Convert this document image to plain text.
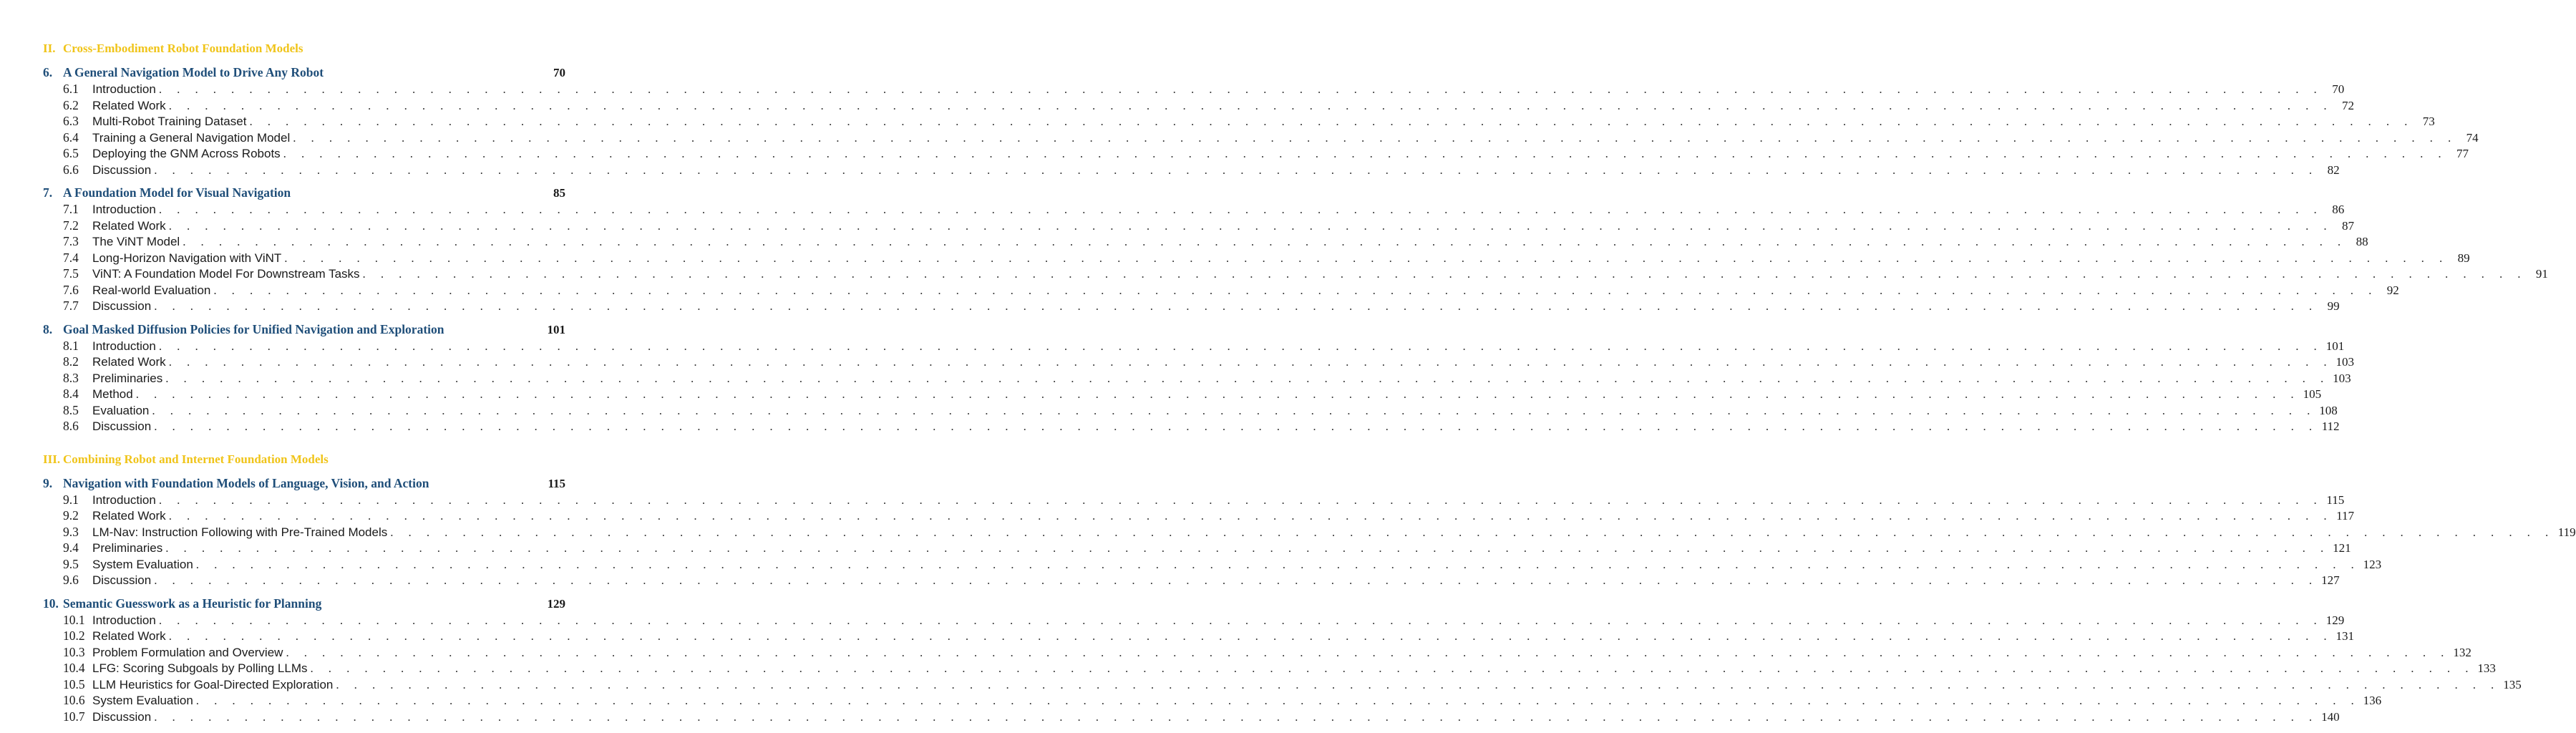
II. Cross-Embodiment Robot Foundation Models
6. A General Navigation Model to Drive Any Robot	70
6.1	Introduction . . . . . . . . . . . . . . . . . . . . . . . . . . . . . . . . . . . . . . . . . . . . . . . . . . . . . . . . . . . . . . . . . . . . . . . . . . . . . . . . . . . . . . . . . . . . . . . . . . . . . . . . . . . . . . . . . . . . . . . . 70
6.2	Related Work . . . . . . . . . . . . . . . . . . . . . . . . . . . . . . . . . . . . . . . . . . . . . . . . . . . . . . . . . . . . . . . . . . . . . . . . . . . . . . . . . . . . . . . . . . . . . . . . . . . . . . . . . . . . . . . . . . . . . . . . 72
6.3	Multi-Robot Training Dataset . . . . . . . . . . . . . . . . . . . . . . . . . . . . . . . . . . . . . . . . . . . . . . . . . . . . . . . . . . . . . . . . . . . . . . . . . . . . . . . . . . . . . . . . . . . . . . . . . . . . . . . . . . . . . . . . . . . . . . . . 73
6.4	Training a General Navigation Model . . . . . . . . . . . . . . . . . . . . . . . . . . . . . . . . . . . . . . . . . . . . . . . . . . . . . . . . . . . . . . . . . . . . . . . . . . . . . . . . . . . . . . . . . . . . . . . . . . . . . . . . . . . . . . . . . . . . . . . . 74
6.5	Deploying the GNM Across Robots . . . . . . . . . . . . . . . . . . . . . . . . . . . . . . . . . . . . . . . . . . . . . . . . . . . . . . . . . . . . . . . . . . . . . . . . . . . . . . . . . . . . . . . . . . . . . . . . . . . . . . . . . . . . . . . . . . . . . . . . 77
6.6	Discussion . . . . . . . . . . . . . . . . . . . . . . . . . . . . . . . . . . . . . . . . . . . . . . . . . . . . . . . . . . . . . . . . . . . . . . . . . . . . . . . . . . . . . . . . . . . . . . . . . . . . . . . . . . . . . . . . . . . . . . . . 82
7. A Foundation Model for Visual Navigation	85
7.1	Introduction . . . . . . . . . . . . . . . . . . . . . . . . . . . . . . . . . . . . . . . . . . . . . . . . . . . . . . . . . . . . . . . . . . . . . . . . . . . . . . . . . . . . . . . . . . . . . . . . . . . . . . . . . . . . . . . . . . . . . . . . 86
7.2	Related Work . . . . . . . . . . . . . . . . . . . . . . . . . . . . . . . . . . . . . . . . . . . . . . . . . . . . . . . . . . . . . . . . . . . . . . . . . . . . . . . . . . . . . . . . . . . . . . . . . . . . . . . . . . . . . . . . . . . . . . . . 87
7.3	The ViNT Model . . . . . . . . . . . . . . . . . . . . . . . . . . . . . . . . . . . . . . . . . . . . . . . . . . . . . . . . . . . . . . . . . . . . . . . . . . . . . . . . . . . . . . . . . . . . . . . . . . . . . . . . . . . . . . . . . . . . . . . . 88
7.4	Long-Horizon Navigation with ViNT . . . . . . . . . . . . . . . . . . . . . . . . . . . . . . . . . . . . . . . . . . . . . . . . . . . . . . . . . . . . . . . . . . . . . . . . . . . . . . . . . . . . . . . . . . . . . . . . . . . . . . . . . . . . . . . . . . . . . . . . 89
7.5	ViNT: A Foundation Model For Downstream Tasks . . . . . . . . . . . . . . . . . . . . . . . . . . . . . . . . . . . . . . . . . . . . . . . . . . . . . . . . . . . . . . . . . . . . . . . . . . . . . . . . . . . . . . . . . . . . . . . . . . . . . . . . . . . . . . . . . . . . . . . . 91
7.6	Real-world Evaluation . . . . . . . . . . . . . . . . . . . . . . . . . . . . . . . . . . . . . . . . . . . . . . . . . . . . . . . . . . . . . . . . . . . . . . . . . . . . . . . . . . . . . . . . . . . . . . . . . . . . . . . . . . . . . . . . . . . . . . . . 92
7.7	Discussion . . . . . . . . . . . . . . . . . . . . . . . . . . . . . . . . . . . . . . . . . . . . . . . . . . . . . . . . . . . . . . . . . . . . . . . . . . . . . . . . . . . . . . . . . . . . . . . . . . . . . . . . . . . . . . . . . . . . . . . . 99
8. Goal Masked Diffusion Policies for Unified Navigation and Exploration	101
8.1	Introduction . . . . . . . . . . . . . . . . . . . . . . . . . . . . . . . . . . . . . . . . . . . . . . . . . . . . . . . . . . . . . . . . . . . . . . . . . . . . . . . . . . . . . . . . . . . . . . . . . . . . . . . . . . . . . . . . . . . . . . . . 101
8.2	Related Work . . . . . . . . . . . . . . . . . . . . . . . . . . . . . . . . . . . . . . . . . . . . . . . . . . . . . . . . . . . . . . . . . . . . . . . . . . . . . . . . . . . . . . . . . . . . . . . . . . . . . . . . . . . . . . . . . . . . . . . . 103
8.3	Preliminaries . . . . . . . . . . . . . . . . . . . . . . . . . . . . . . . . . . . . . . . . . . . . . . . . . . . . . . . . . . . . . . . . . . . . . . . . . . . . . . . . . . . . . . . . . . . . . . . . . . . . . . . . . . . . . . . . . . . . . . . . 103
8.4	Method . . . . . . . . . . . . . . . . . . . . . . . . . . . . . . . . . . . . . . . . . . . . . . . . . . . . . . . . . . . . . . . . . . . . . . . . . . . . . . . . . . . . . . . . . . . . . . . . . . . . . . . . . . . . . . . . . . . . . . . . 105
8.5	Evaluation . . . . . . . . . . . . . . . . . . . . . . . . . . . . . . . . . . . . . . . . . . . . . . . . . . . . . . . . . . . . . . . . . . . . . . . . . . . . . . . . . . . . . . . . . . . . . . . . . . . . . . . . . . . . . . . . . . . . . . . . 108
8.6	Discussion . . . . . . . . . . . . . . . . . . . . . . . . . . . . . . . . . . . . . . . . . . . . . . . . . . . . . . . . . . . . . . . . . . . . . . . . . . . . . . . . . . . . . . . . . . . . . . . . . . . . . . . . . . . . . . . . . . . . . . . . 112
III. Combining Robot and Internet Foundation Models
9. Navigation with Foundation Models of Language, Vision, and Action	115
9.1	Introduction . . . . . . . . . . . . . . . . . . . . . . . . . . . . . . . . . . . . . . . . . . . . . . . . . . . . . . . . . . . . . . . . . . . . . . . . . . . . . . . . . . . . . . . . . . . . . . . . . . . . . . . . . . . . . . . . . . . . . . . . 115
9.2	Related Work . . . . . . . . . . . . . . . . . . . . . . . . . . . . . . . . . . . . . . . . . . . . . . . . . . . . . . . . . . . . . . . . . . . . . . . . . . . . . . . . . . . . . . . . . . . . . . . . . . . . . . . . . . . . . . . . . . . . . . . . 117
9.3	LM-Nav: Instruction Following with Pre-Trained Models . . . . . . . . . . . . . . . . . . . . . . . . . . . . . . . . . . . . . . . . . . . . . . . . . . . . . . . . . . . . . . . . . . . . . . . . . . . . . . . . . . . . . . . . . . . . . . . . . . . . . . . . . . . . . . . . . . . . . . . . 119
9.4	Preliminaries . . . . . . . . . . . . . . . . . . . . . . . . . . . . . . . . . . . . . . . . . . . . . . . . . . . . . . . . . . . . . . . . . . . . . . . . . . . . . . . . . . . . . . . . . . . . . . . . . . . . . . . . . . . . . . . . . . . . . . . . 121
9.5	System Evaluation . . . . . . . . . . . . . . . . . . . . . . . . . . . . . . . . . . . . . . . . . . . . . . . . . . . . . . . . . . . . . . . . . . . . . . . . . . . . . . . . . . . . . . . . . . . . . . . . . . . . . . . . . . . . . . . . . . . . . . . . 123
9.6	Discussion . . . . . . . . . . . . . . . . . . . . . . . . . . . . . . . . . . . . . . . . . . . . . . . . . . . . . . . . . . . . . . . . . . . . . . . . . . . . . . . . . . . . . . . . . . . . . . . . . . . . . . . . . . . . . . . . . . . . . . . . 127
10. Semantic Guesswork as a Heuristic for Planning	129
10.1 Introduction . . . . . . . . . . . . . . . . . . . . . . . . . . . . . . . . . . . . . . . . . . . . . . . . . . . . . . . . . . . . . . . . . . . . . . . . . . . . . . . . . . . . . . . . . . . . . . . . . . . . . . . . . . . . . . . . . . . . . . . . 129
10.2 Related Work . . . . . . . . . . . . . . . . . . . . . . . . . . . . . . . . . . . . . . . . . . . . . . . . . . . . . . . . . . . . . . . . . . . . . . . . . . . . . . . . . . . . . . . . . . . . . . . . . . . . . . . . . . . . . . . . . . . . . . . . 131
10.3 Problem Formulation and Overview . . . . . . . . . . . . . . . . . . . . . . . . . . . . . . . . . . . . . . . . . . . . . . . . . . . . . . . . . . . . . . . . . . . . . . . . . . . . . . . . . . . . . . . . . . . . . . . . . . . . . . . . . . . . . . . . . . . . . . . . 132
10.4 LFG: Scoring Subgoals by Polling LLMs . . . . . . . . . . . . . . . . . . . . . . . . . . . . . . . . . . . . . . . . . . . . . . . . . . . . . . . . . . . . . . . . . . . . . . . . . . . . . . . . . . . . . . . . . . . . . . . . . . . . . . . . . . . . . . . . . . . . . . . . 133
10.5 LLM Heuristics for Goal-Directed Exploration . . . . . . . . . . . . . . . . . . . . . . . . . . . . . . . . . . . . . . . . . . . . . . . . . . . . . . . . . . . . . . . . . . . . . . . . . . . . . . . . . . . . . . . . . . . . . . . . . . . . . . . . . . . . . . . . . . . . . . . . 135
10.6 System Evaluation . . . . . . . . . . . . . . . . . . . . . . . . . . . . . . . . . . . . . . . . . . . . . . . . . . . . . . . . . . . . . . . . . . . . . . . . . . . . . . . . . . . . . . . . . . . . . . . . . . . . . . . . . . . . . . . . . . . . . . . . 136
10.7 Discussion . . . . . . . . . . . . . . . . . . . . . . . . . . . . . . . . . . . . . . . . . . . . . . . . . . . . . . . . . . . . . . . . . . . . . . . . . . . . . . . . . . . . . . . . . . . . . . . . . . . . . . . . . . . . . . . . . . . . . . . . 140
